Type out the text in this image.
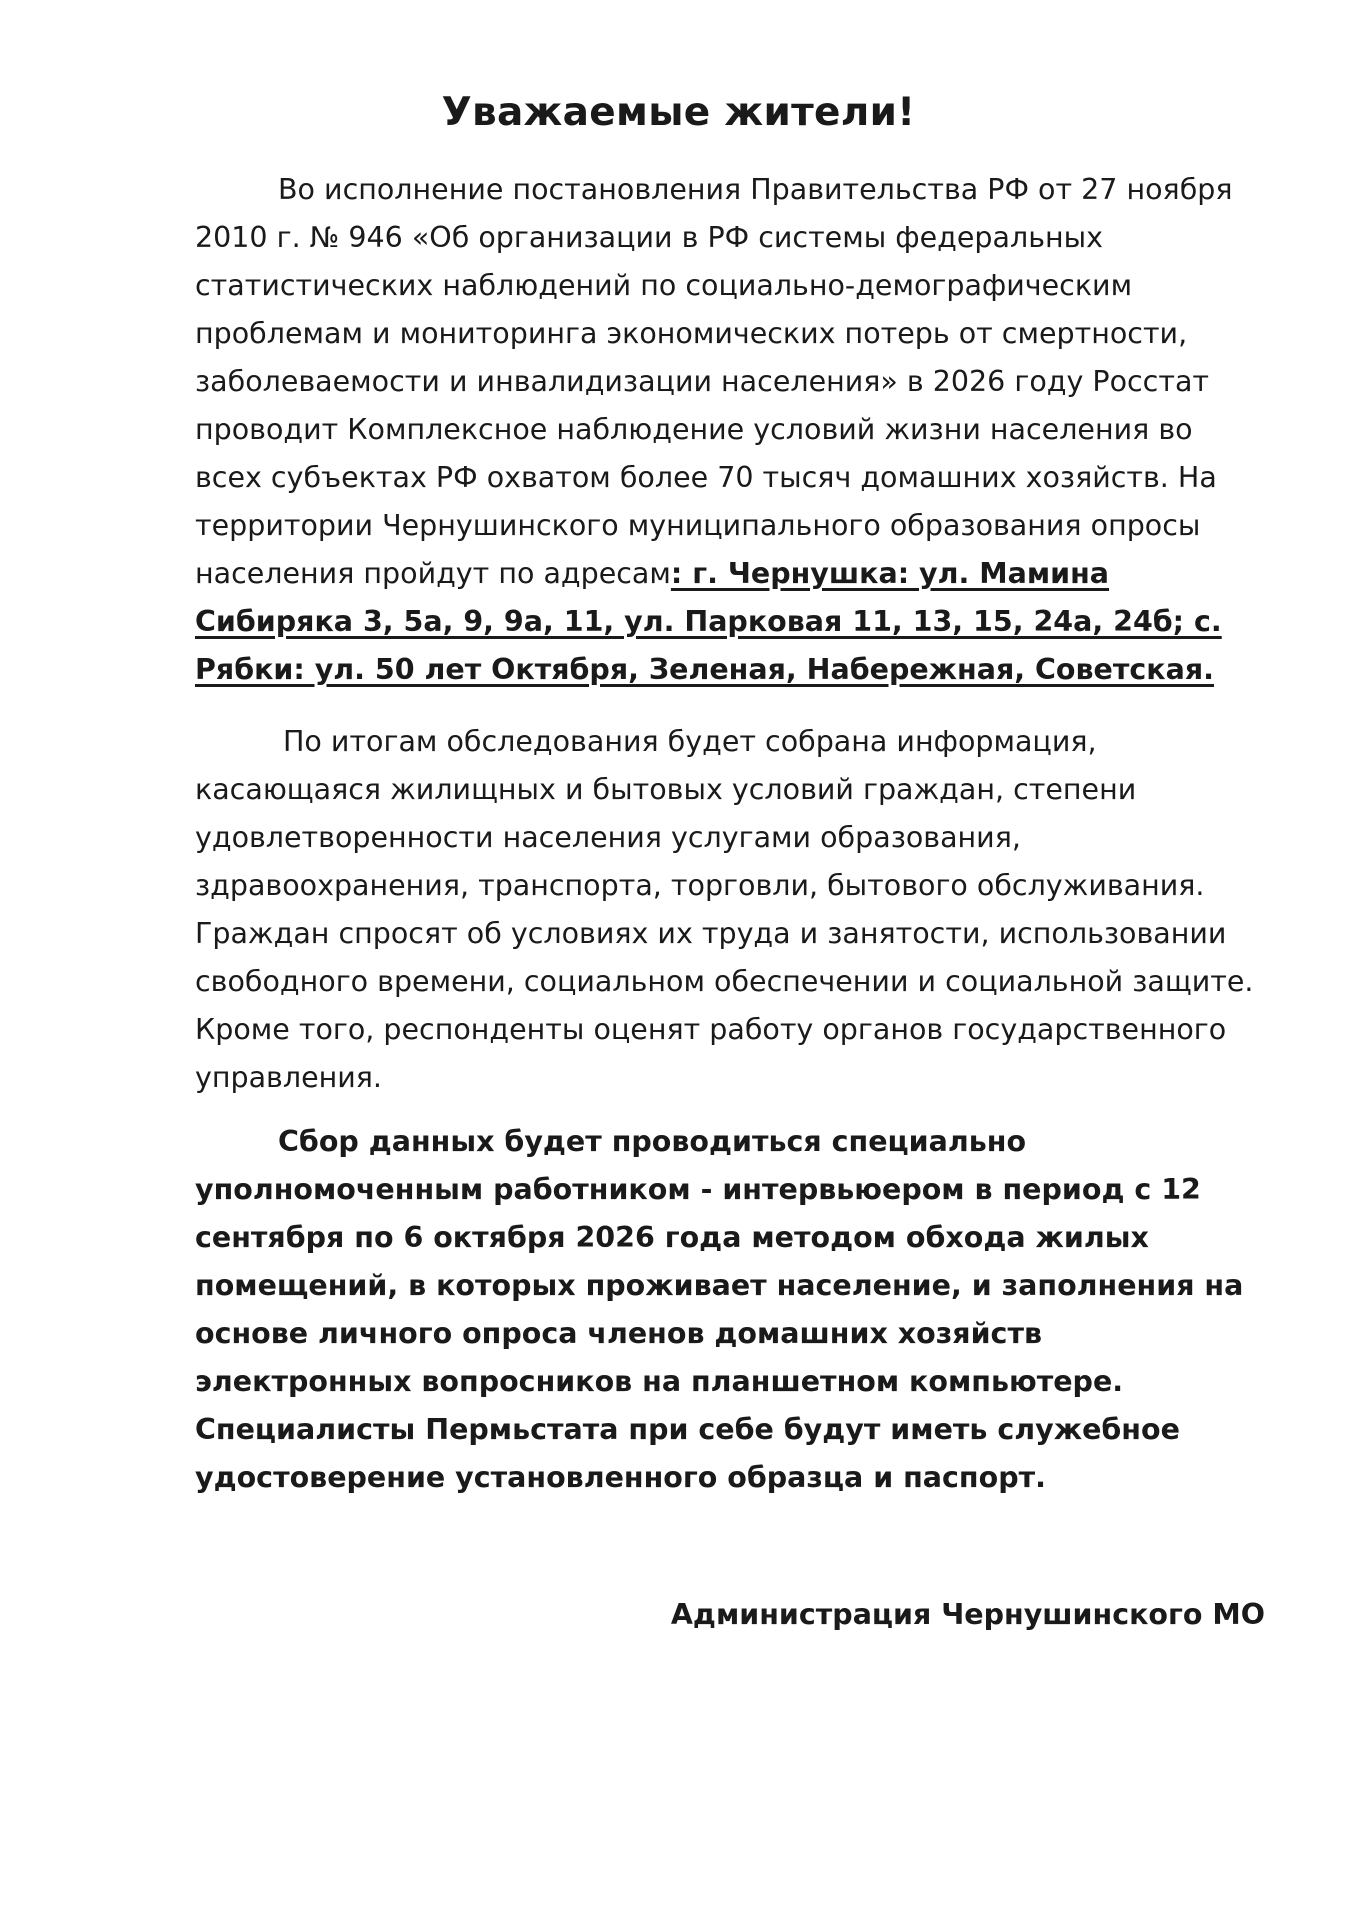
Уважаемые жители!

Во исполнение постановления Правительства РФ от 27 ноября 2010 г. № 946 «Об организации в РФ системы федеральных статистических наблюдений по социально-демографическим проблемам и мониторинга экономических потерь от смертности, заболеваемости и инвалидизации населения» в 2026 году Росстат проводит Комплексное наблюдение условий жизни населения во всех субъектах РФ охватом более 70 тысяч домашних хозяйств. На территории Чернушинского муниципального образования опросы населения пройдут по адресам: г. Чернушка: ул. Мамина Сибиряка 3, 5а, 9, 9а, 11, ул. Парковая 11, 13, 15, 24а, 24б; с. Рябки: ул. 50 лет Октября, Зеленая, Набережная, Советская.

По итогам обследования будет собрана информация, касающаяся жилищных и бытовых условий граждан, степени удовлетворенности населения услугами образования, здравоохранения, транспорта, торговли, бытового обслуживания. Граждан спросят об условиях их труда и занятости, использовании свободного времени, социальном обеспечении и социальной защите. Кроме того, респонденты оценят работу органов государственного управления.

Сбор данных будет проводиться специально уполномоченным работником - интервьюером в период с 12 сентября по 6 октября 2026 года методом обхода жилых помещений, в которых проживает население, и заполнения на основе личного опроса членов домашних хозяйств электронных вопросников на планшетном компьютере. Специалисты Пермьстата при себе будут иметь служебное удостоверение установленного образца и паспорт.

Администрация Чернушинского МО
